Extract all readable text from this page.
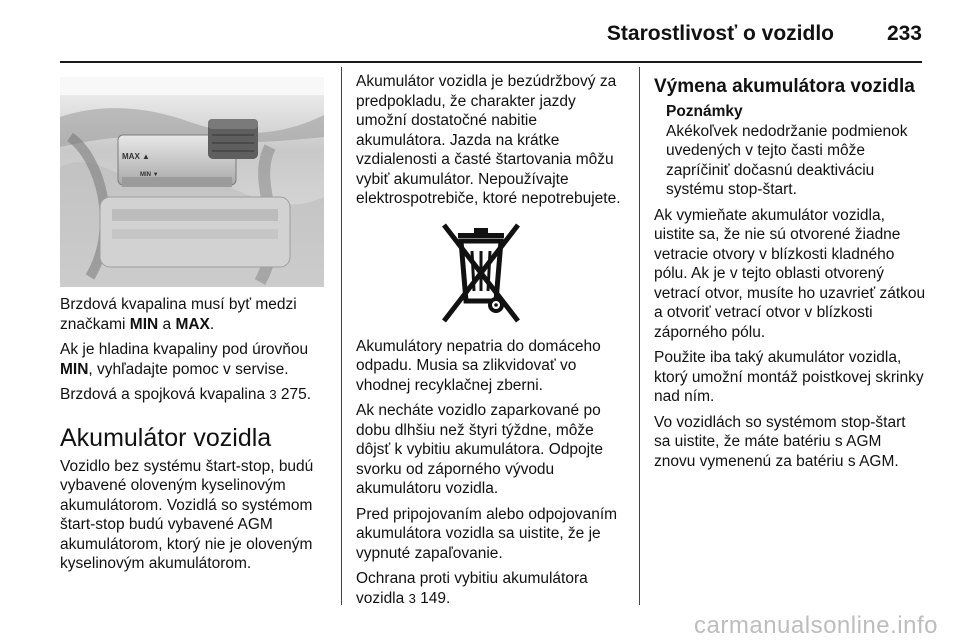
Starostlivosť o vozidlo	233
MAX ▲
MIN ▼

Brzdová kvapalina musí byť medzi značkami MIN a MAX.

Ak je hladina kvapaliny pod úrovňou MIN, vyhľadajte pomoc v servise.

Brzdová a spojková kvapalina 3 275.

Akumulátor vozidla

Vozidlo bez systému štart-stop, budú vybavené oloveným kyselinovým akumulátorom. Vozidlá so systémom štart-stop budú vybavené AGM akumulátorom, ktorý nie je oloveným kyselinovým akumulátorom.

Akumulátor vozidla je bezúdržbový za predpokladu, že charakter jazdy umožní dostatočné nabitie akumulátora. Jazda na krátke vzdialenosti a časté štartovania môžu vybiť akumulátor. Nepoužívajte elektrospotrebiče, ktoré nepotrebujete.

Akumulátory nepatria do domáceho odpadu. Musia sa zlikvidovať vo vhodnej recyklačnej zberni.

Ak necháte vozidlo zaparkované po dobu dlhšiu než štyri týždne, môže dôjsť k vybitiu akumulátora. Odpojte svorku od záporného vývodu akumulátoru vozidla.

Pred pripojovaním alebo odpojovaním akumulátora vozidla sa uistite, že je vypnuté zapaľovanie.

Ochrana proti vybitiu akumulátora vozidla 3 149.

Výmena akumulátora vozidla
Poznámky
Akékoľvek nedodržanie podmienok uvedených v tejto časti môže zapríčiniť dočasnú deaktiváciu systému stop-štart.

Ak vymieňate akumulátor vozidla, uistite sa, že nie sú otvorené žiadne vetracie otvory v blízkosti kladného pólu. Ak je v tejto oblasti otvorený vetrací otvor, musíte ho uzavrieť zátkou a otvoriť vetrací otvor v blízkosti záporného pólu.

Použite iba taký akumulátor vozidla, ktorý umožní montáž poistkovej skrinky nad ním.

Vo vozidlách so systémom stop-štart sa uistite, že máte batériu s AGM znovu vymenenú za batériu s AGM.

carmanualsonline.info
